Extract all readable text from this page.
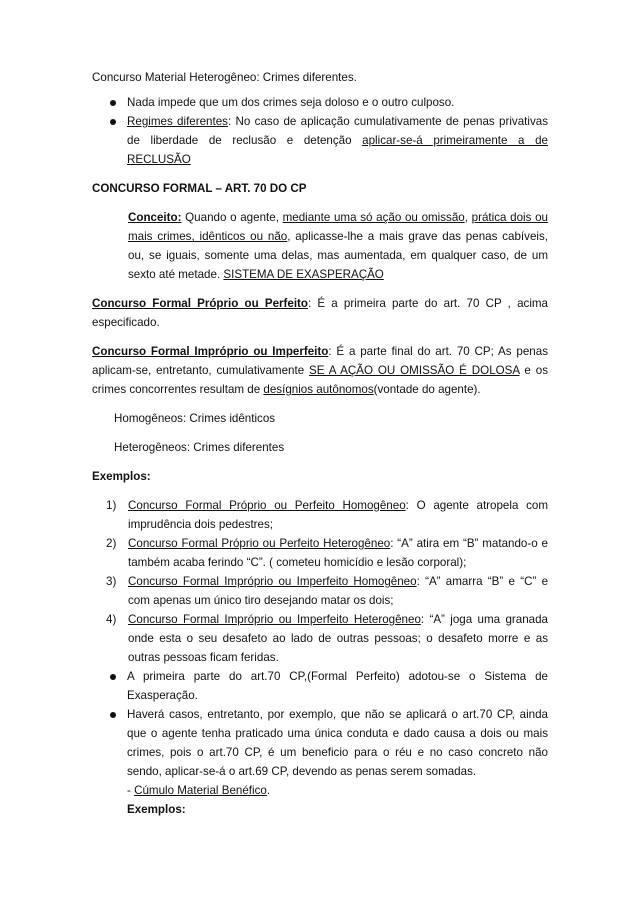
Concurso Material Heterogêneo: Crimes diferentes.

Nada impede que um dos crimes seja doloso e o outro culposo.
Regimes diferentes: No caso de aplicação cumulativamente de penas privativas de liberdade de reclusão e detenção aplicar-se-á primeiramente a de RECLUSÃO

CONCURSO FORMAL – ART. 70 DO CP

Conceito: Quando o agente, mediante uma só ação ou omissão, prática dois ou mais crimes, idênticos ou não, aplicasse-lhe a mais grave das penas cabíveis, ou, se iguais, somente uma delas, mas aumentada, em qualquer caso, de um sexto até metade. SISTEMA DE EXASPERAÇÃO

Concurso Formal Próprio ou Perfeito: É a primeira parte do art. 70 CP , acima especificado.

Concurso Formal Impróprio ou Imperfeito: É a parte final do art. 70 CP; As penas aplicam-se, entretanto, cumulativamente SE A AÇÃO OU OMISSÃO É DOLOSA e os crimes concorrentes resultam de desígnios autônomos(vontade do agente).

Homogêneos: Crimes idênticos

Heterogêneos: Crimes diferentes

Exemplos:

1) Concurso Formal Próprio ou Perfeito Homogêneo: O agente atropela com imprudência dois pedestres;
2) Concurso Formal Próprio ou Perfeito Heterogêneo: “A” atira em “B” matando-o e também acaba ferindo “C”. ( cometeu homicídio e lesão corporal);
3) Concurso Formal Impróprio ou Imperfeito Homogêneo: “A” amarra “B” e “C” e com apenas um único tiro desejando matar os dois;
4) Concurso Formal Impróprio ou Imperfeito Heterogêneo: “A” joga uma granada onde esta o seu desafeto ao lado de outras pessoas; o desafeto morre e as outras pessoas ficam feridas.
A primeira parte do art.70 CP,(Formal Perfeito) adotou-se o Sistema de Exasperação.
Haverá casos, entretanto, por exemplo, que não se aplicará o art.70 CP, ainda que o agente tenha praticado uma única conduta e dado causa a dois ou mais crimes, pois o art.70 CP, é um beneficio para o réu e no caso concreto não sendo, aplicar-se-á o art.69 CP, devendo as penas serem somadas.
- Cúmulo Material Benéfico.
Exemplos:
